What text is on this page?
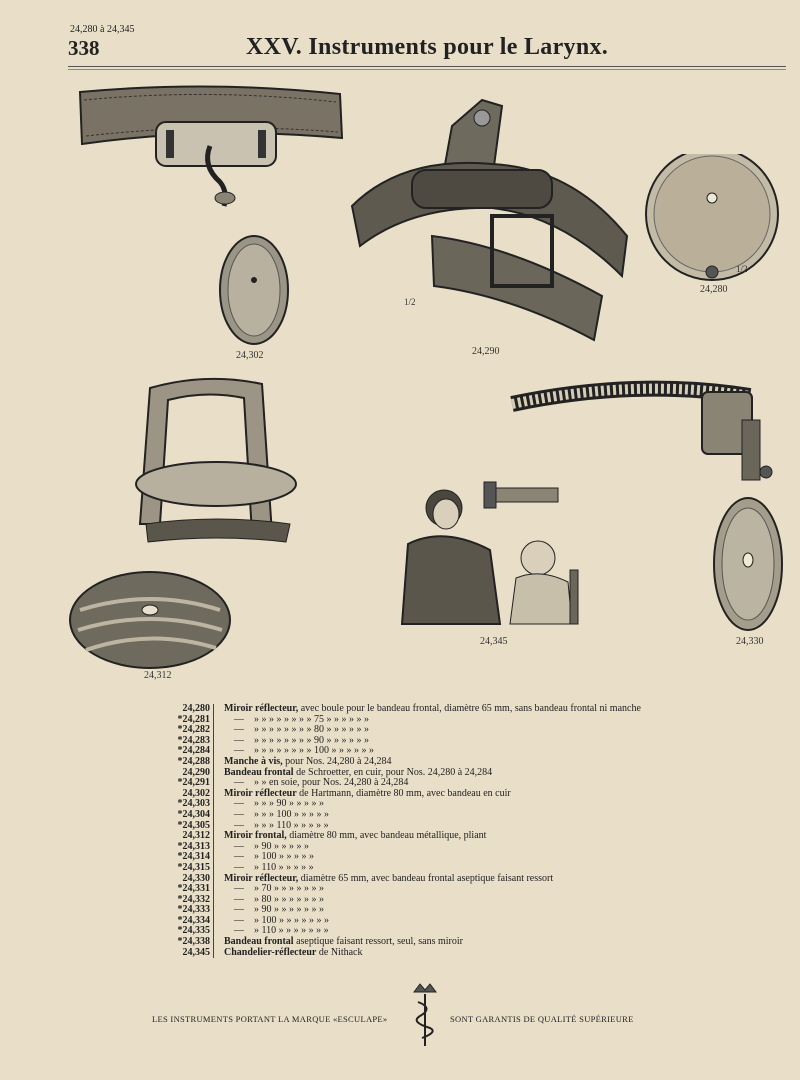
24,280 à 24,345
338	XXV. Instruments pour le Larynx.
24,302
1/2
24,290
1/2
24,280
24,312
24,345	24,330
24,280 Miroir réflecteur, avec boule pour le bandeau frontal, diamètre 65 mm, sans bandeau frontal ni manche
*24,281	— » » » » » » » » 75 » » » » » »
*24,282	— » » » » » » » » 80 » » » » » »
*24,283	— » » » » » » » » 90 » » » » » »
*24,284	— » » » » » » » » 100 » » » » » »
*24,288 Manche à vis, pour Nos. 24,280 à 24,284
24,290 Bandeau frontal de Schroetter, en cuir, pour Nos. 24,280 à 24,284
*24,291	— » » en soie, pour Nos. 24,280 à 24,284
24,302 Miroir réflecteur de Hartmann, diamètre 80 mm, avec bandeau en cuir
*24,303	— » » » 90 » » » » »
*24,304	— » » » 100 » » » » »
*24,305	— » » » 110 » » » » »
24,312 Miroir frontal, diamètre 80 mm, avec bandeau métallique, pliant
*24,313	— » 90 » » » » »
*24,314	— » 100 » » » » »
*24,315	— » 110 » » » » »
24,330 Miroir réflecteur, diamètre 65 mm, avec bandeau frontal aseptique faisant ressort
*24,331	— » 70 » » » » » » »
*24,332	— » 80 » » » » » » »
*24,333	— » 90 » » » » » » »
*24,334	— » 100 » » » » » » »
*24,335	— » 110 » » » » » » »
*24,338 Bandeau frontal aseptique faisant ressort, seul, sans miroir
24,345 Chandelier-réflecteur de Nithack
LES INSTRUMENTS PORTANT LA MARQUE «ESCULAPE»	SONT GARANTIS DE QUALITÉ SUPÉRIEURE
